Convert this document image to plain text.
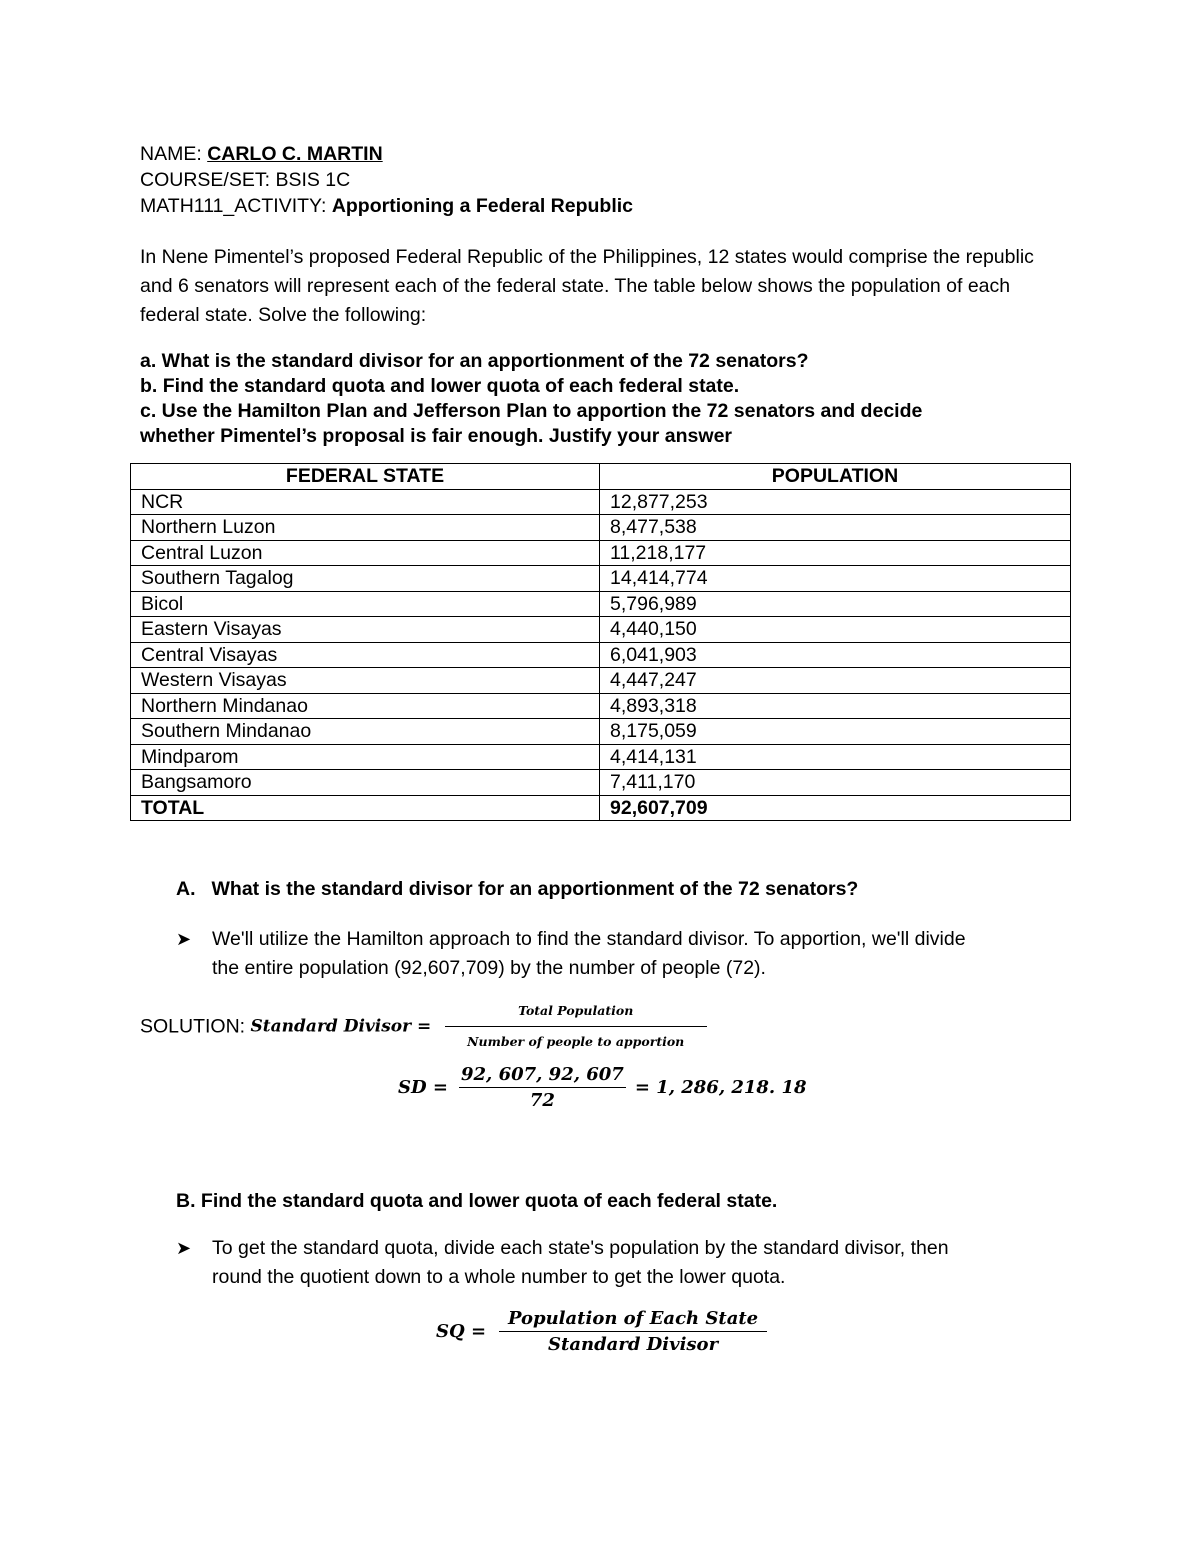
NAME: CARLO C. MARTIN
COURSE/SET: BSIS 1C
MATH111_ACTIVITY: Apportioning a Federal Republic
In Nene Pimentel’s proposed Federal Republic of the Philippines, 12 states would comprise the republic and 6 senators will represent each of the federal state. The table below shows the population of each federal state. Solve the following:
a. What is the standard divisor for an apportionment of the 72 senators?
b. Find the standard quota and lower quota of each federal state.
c. Use the Hamilton Plan and Jefferson Plan to apportion the 72 senators and decide
whether Pimentel’s proposal is fair enough. Justify your answer
FEDERAL STATE	POPULATION
NCR	12,877,253
Northern Luzon	8,477,538
Central Luzon	11,218,177
Southern Tagalog	14,414,774
Bicol	5,796,989
Eastern Visayas	4,440,150
Central Visayas	6,041,903
Western Visayas	4,447,247
Northern Mindanao	4,893,318
Southern Mindanao	8,175,059
Mindparom	4,414,131
Bangsamoro	7,411,170
TOTAL	92,607,709
A. What is the standard divisor for an apportionment of the 72 senators?
➤ We'll utilize the Hamilton approach to find the standard divisor. To apportion, we'll divide
the entire population (92,607,709) by the number of people (72).
SOLUTION: Standard Divisor = $\frac{\text{Total Population}}{\text{Number of people to apportion}}$
SD = $\frac{92, 607, 92, 607}{72} = 1$, 286, 218. 18
B. Find the standard quota and lower quota of each federal state.
➤ To get the standard quota, divide each state's population by the standard divisor, then
round the quotient down to a whole number to get the lower quota.
SQ = $\frac{\text{Population of Each State}}{\text{Standard Divisor}}$
